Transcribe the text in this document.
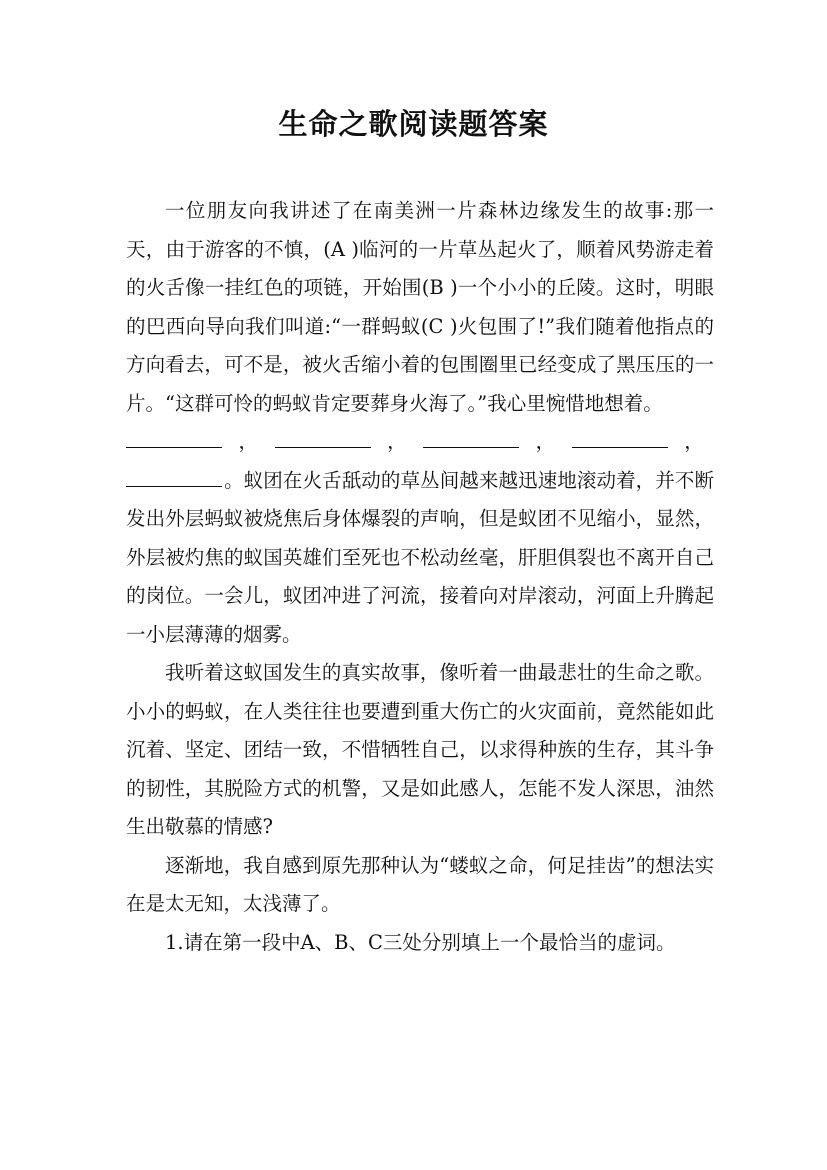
生命之歌阅读题答案

一位朋友向我讲述了在南美洲一片森林边缘发生的故事:那一天，由于游客的不慎，(A )临河的一片草丛起火了，顺着风势游走着的火舌像一挂红色的项链，开始围(B )一个小小的丘陵。这时，明眼的巴西向导向我们叫道:“一群蚂蚁(C )火包围了!”我们随着他指点的方向看去，可不是，被火舌缩小着的包围圈里已经变成了黑压压的一片。“这群可怜的蚂蚁肯定要葬身火海了。”我心里惋惜地想着。

，	，	，	，

。蚁团在火舌舐动的草丛间越来越迅速地滚动着，并不断发出外层蚂蚁被烧焦后身体爆裂的声响，但是蚁团不见缩小，显然，外层被灼焦的蚁国英雄们至死也不松动丝毫，肝胆俱裂也不离开自己的岗位。一会儿，蚁团冲进了河流，接着向对岸滚动，河面上升腾起一小层薄薄的烟雾。

我听着这蚁国发生的真实故事，像听着一曲最悲壮的生命之歌。小小的蚂蚁，在人类往往也要遭到重大伤亡的火灾面前，竟然能如此沉着、坚定、团结一致，不惜牺牲自己，以求得种族的生存，其斗争的韧性，其脱险方式的机警，又是如此感人，怎能不发人深思，油然生出敬慕的情感?

逐渐地，我自感到原先那种认为“蝼蚁之命，何足挂齿”的想法实在是太无知，太浅薄了。

1.请在第一段中A、B、C三处分别填上一个最恰当的虚词。
